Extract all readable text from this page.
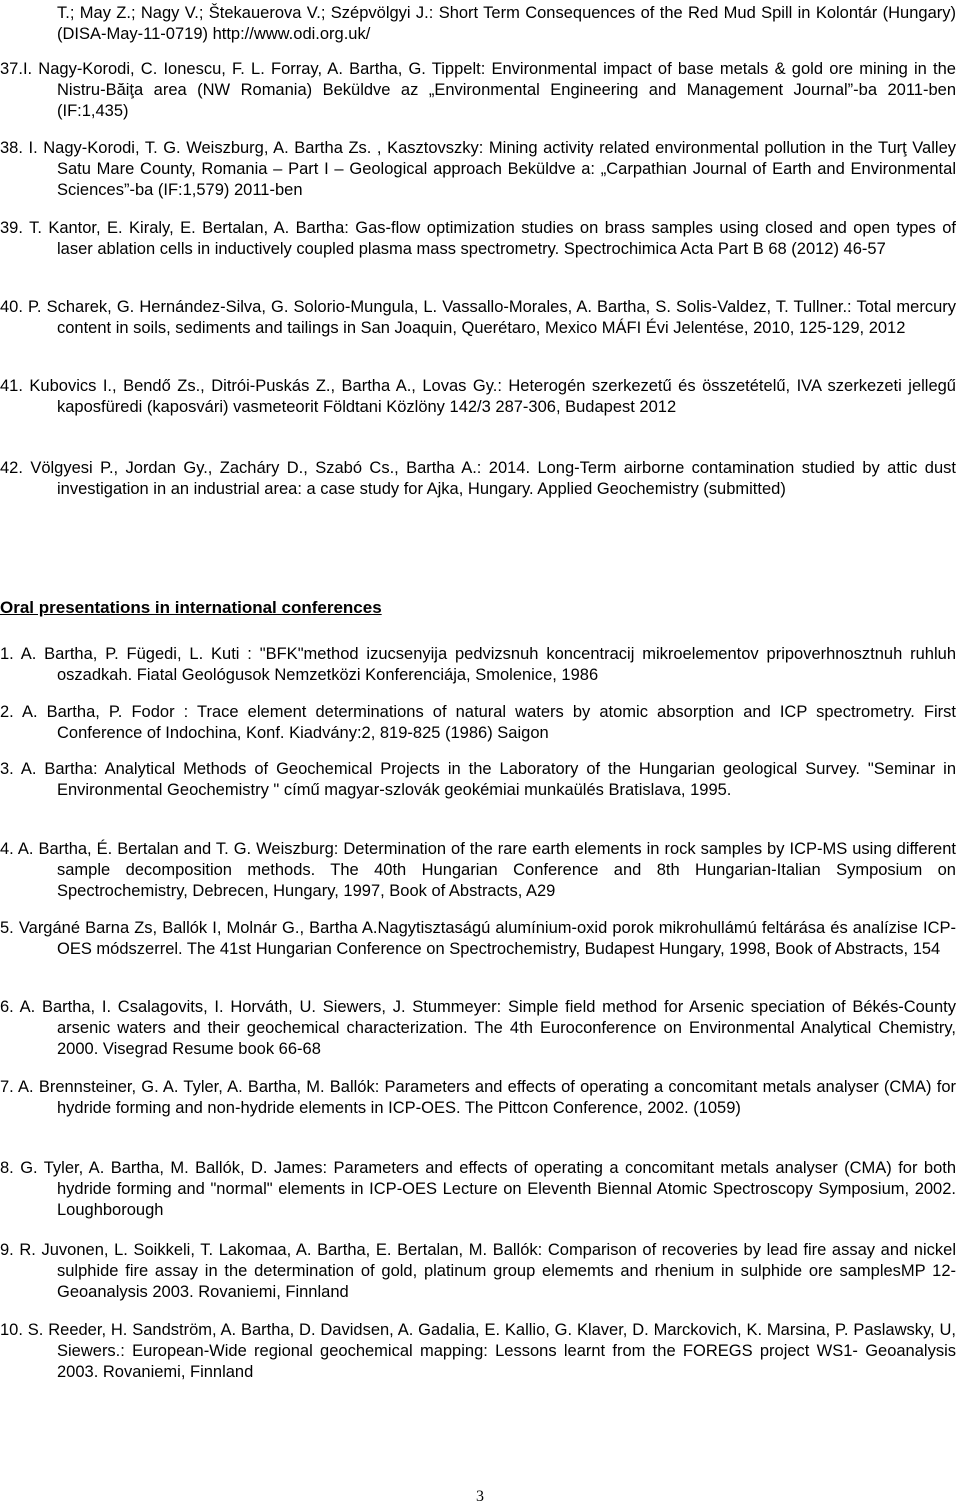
T.; May Z.; Nagy V.; Štekauerova V.; Szépvölgyi J.: Short Term Consequences of the Red Mud Spill in Kolontár (Hungary) (DISA-May-11-0719) http://www.odi.org.uk/
37.I. Nagy-Korodi, C. Ionescu, F. L. Forray, A. Bartha, G. Tippelt: Environmental impact of base metals & gold ore mining in the Nistru-Băiţa area (NW Romania) Beküldve az „Environmental Engineering and Management Journal”-ba 2011-ben (IF:1,435)
38. I. Nagy-Korodi, T. G. Weiszburg, A. Bartha Zs. , Kasztovszky: Mining activity related environmental pollution in the Turţ Valley Satu Mare County, Romania – Part I – Geological approach Beküldve a: „Carpathian Journal of Earth and Environmental Sciences”-ba (IF:1,579) 2011-ben
39. T. Kantor, E. Kiraly, E. Bertalan, A. Bartha: Gas-flow optimization studies on brass samples using closed and open types of laser ablation cells in inductively coupled plasma mass spectrometry. Spectrochimica Acta Part B 68 (2012) 46-57
40. P. Scharek, G. Hernández-Silva, G. Solorio-Mungula, L. Vassallo-Morales, A. Bartha, S. Solis-Valdez, T. Tullner.: Total mercury content in soils, sediments and tailings in San Joaquin, Querétaro, Mexico MÁFI Évi Jelentése, 2010, 125-129, 2012
41. Kubovics I., Bendő Zs., Ditrói-Puskás Z., Bartha A., Lovas Gy.: Heterogén szerkezetű és összetételű, IVA szerkezeti jellegű kaposfüredi (kaposvári) vasmeteorit Földtani Közlöny 142/3 287-306, Budapest 2012
42. Völgyesi P., Jordan Gy., Zacháry D., Szabó Cs., Bartha A.: 2014. Long-Term airborne contamination studied by attic dust investigation in an industrial area: a case study for Ajka, Hungary. Applied Geochemistry (submitted)
Oral presentations in international conferences
1. A. Bartha, P. Fügedi, L. Kuti : "BFK"method izucsenyija pedvizsnuh koncentracij mikroelementov pripoverhnosztnuh ruhluh oszadkah. Fiatal Geológusok Nemzetközi Konferenciája, Smolenice, 1986
2. A. Bartha, P. Fodor : Trace element determinations of natural waters by atomic absorption and ICP spectrometry. First Conference of Indochina, Konf. Kiadvány:2, 819-825 (1986) Saigon
3. A. Bartha: Analytical Methods of Geochemical Projects in the Laboratory of the Hungarian geological Survey. "Seminar in Environmental Geochemistry " című magyar-szlovák geokémiai munkaülés Bratislava, 1995.
4. A. Bartha, É. Bertalan and T. G. Weiszburg: Determination of the rare earth elements in rock samples by ICP-MS using different sample decomposition methods. The 40th Hungarian Conference and 8th Hungarian-Italian Symposium on Spectrochemistry, Debrecen, Hungary, 1997, Book of Abstracts, A29
5. Vargáné Barna Zs, Ballók I, Molnár G., Bartha A.Nagytisztaságú alumínium-oxid porok mikrohullámú feltárása és analízise ICP-OES módszerrel. The 41st Hungarian Conference on Spectrochemistry, Budapest Hungary, 1998, Book of Abstracts, 154
6. A. Bartha, I. Csalagovits, I. Horváth, U. Siewers, J. Stummeyer: Simple field method for Arsenic speciation of Békés-County arsenic waters and their geochemical characterization. The 4th Euroconference on Environmental Analytical Chemistry, 2000. Visegrad Resume book 66-68
7. A. Brennsteiner, G. A. Tyler, A. Bartha, M. Ballók: Parameters and effects of operating a concomitant metals analyser (CMA) for hydride forming and non-hydride elements in ICP-OES. The Pittcon Conference, 2002. (1059)
8. G. Tyler, A. Bartha, M. Ballók, D. James: Parameters and effects of operating a concomitant metals analyser (CMA) for both hydride forming and "normal" elements in ICP-OES Lecture on Eleventh Biennal Atomic Spectroscopy Symposium, 2002. Loughborough
9. R. Juvonen, L. Soikkeli, T. Lakomaa, A. Bartha, E. Bertalan, M. Ballók: Comparison of recoveries by lead fire assay and nickel sulphide fire assay in the determination of gold, platinum group elememts and rhenium in sulphide ore samplesMP 12- Geoanalysis 2003. Rovaniemi, Finnland
10. S. Reeder, H. Sandström, A. Bartha, D. Davidsen, A. Gadalia, E. Kallio, G. Klaver, D. Marckovich, K. Marsina, P. Paslawsky, U, Siewers.: European-Wide regional geochemical mapping: Lessons learnt from the FOREGS project WS1- Geoanalysis 2003. Rovaniemi, Finnland
3
